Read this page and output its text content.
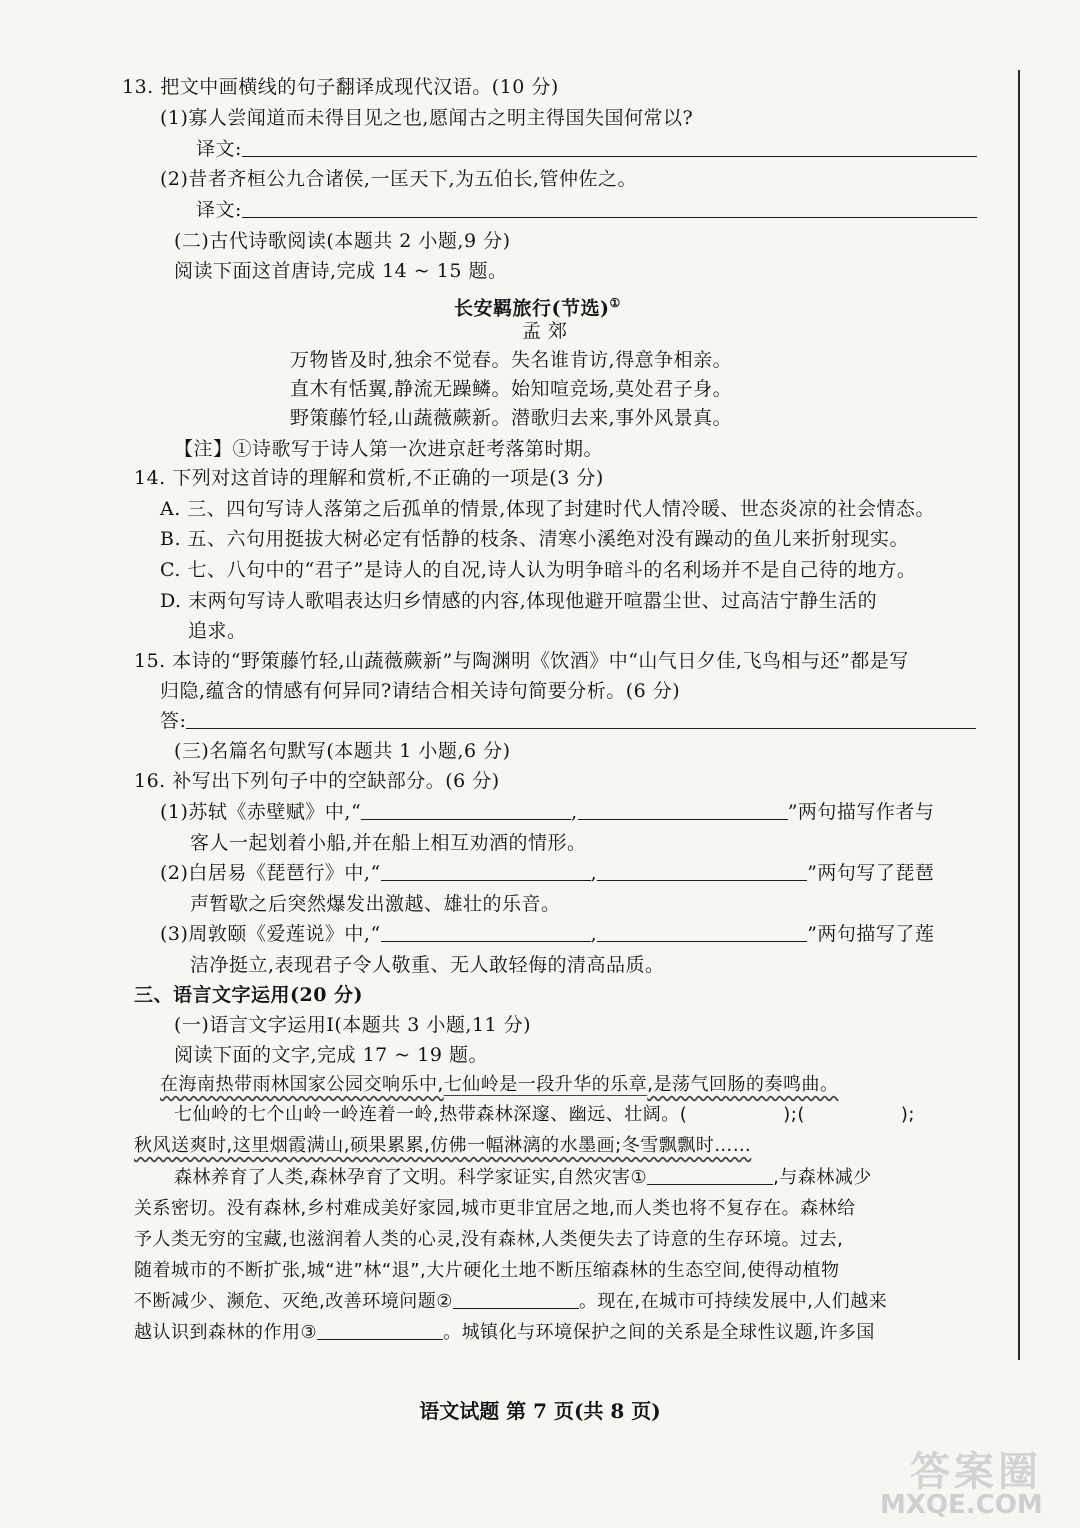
13. 把文中画横线的句子翻译成现代汉语。(10 分)
(1)寡人尝闻道而未得目见之也,愿闻古之明主得国失国何常以?
译文:
(2)昔者齐桓公九合诸侯,一匡天下,为五伯长,管仲佐之。
译文:
(二)古代诗歌阅读(本题共 2 小题,9 分)
阅读下面这首唐诗,完成 14 ~ 15 题。
长安羁旅行(节选)①
孟 郊
万物皆及时,独余不觉春。失名谁肯访,得意争相亲。
直木有恬翼,静流无躁鳞。始知喧竞场,莫处君子身。
野策藤竹轻,山蔬薇蕨新。潜歌归去来,事外风景真。
【注】①诗歌写于诗人第一次进京赶考落第时期。
14. 下列对这首诗的理解和赏析,不正确的一项是(3 分)
A. 三、四句写诗人落第之后孤单的情景,体现了封建时代人情冷暖、世态炎凉的社会情态。
B. 五、六句用挺拔大树必定有恬静的枝条、清寒小溪绝对没有躁动的鱼儿来折射现实。
C. 七、八句中的“君子”是诗人的自况,诗人认为明争暗斗的名利场并不是自己待的地方。
D. 末两句写诗人歌唱表达归乡情感的内容,体现他避开喧嚣尘世、过高洁宁静生活的
追求。
15. 本诗的“野策藤竹轻,山蔬薇蕨新”与陶渊明《饮酒》中“山气日夕佳,飞鸟相与还”都是写
归隐,蕴含的情感有何异同?请结合相关诗句简要分析。(6 分)
答:
(三)名篇名句默写(本题共 1 小题,6 分)
16. 补写出下列句子中的空缺部分。(6 分)
(1)苏轼《赤壁赋》中,“	,	”两句描写作者与
客人一起划着小船,并在船上相互劝酒的情形。
(2)白居易《琵琶行》中,“	,	”两句写了琵琶
声暂歇之后突然爆发出激越、雄壮的乐音。
(3)周敦颐《爱莲说》中,“	,	”两句描写了莲
洁净挺立,表现君子令人敬重、无人敢轻侮的清高品质。
三、语言文字运用(20 分)
(一)语言文字运用Ⅰ(本题共 3 小题,11 分)
阅读下面的文字,完成 17 ~ 19 题。
在海南热带雨林国家公园交响乐中,七仙岭是一段升华的乐章,是荡气回肠的奏鸣曲。
七仙岭的七个山岭一岭连着一岭,热带森林深邃、幽远、壮阔。(	);(	);
秋风送爽时,这里烟霞满山,硕果累累,仿佛一幅淋漓的水墨画;冬雪飘飘时……
森林养育了人类,森林孕育了文明。科学家证实,自然灾害①	,与森林减少
关系密切。没有森林,乡村难成美好家园,城市更非宜居之地,而人类也将不复存在。森林给
予人类无穷的宝藏,也滋润着人类的心灵,没有森林,人类便失去了诗意的生存环境。过去,
随着城市的不断扩张,城“进”林“退”,大片硬化土地不断压缩森林的生态空间,使得动植物
不断减少、濒危、灭绝,改善环境问题②	。现在,在城市可持续发展中,人们越来
越认识到森林的作用③	。城镇化与环境保护之间的关系是全球性议题,许多国
语文试题 第 7 页(共 8 页)
答案圈
MXQE.COM
